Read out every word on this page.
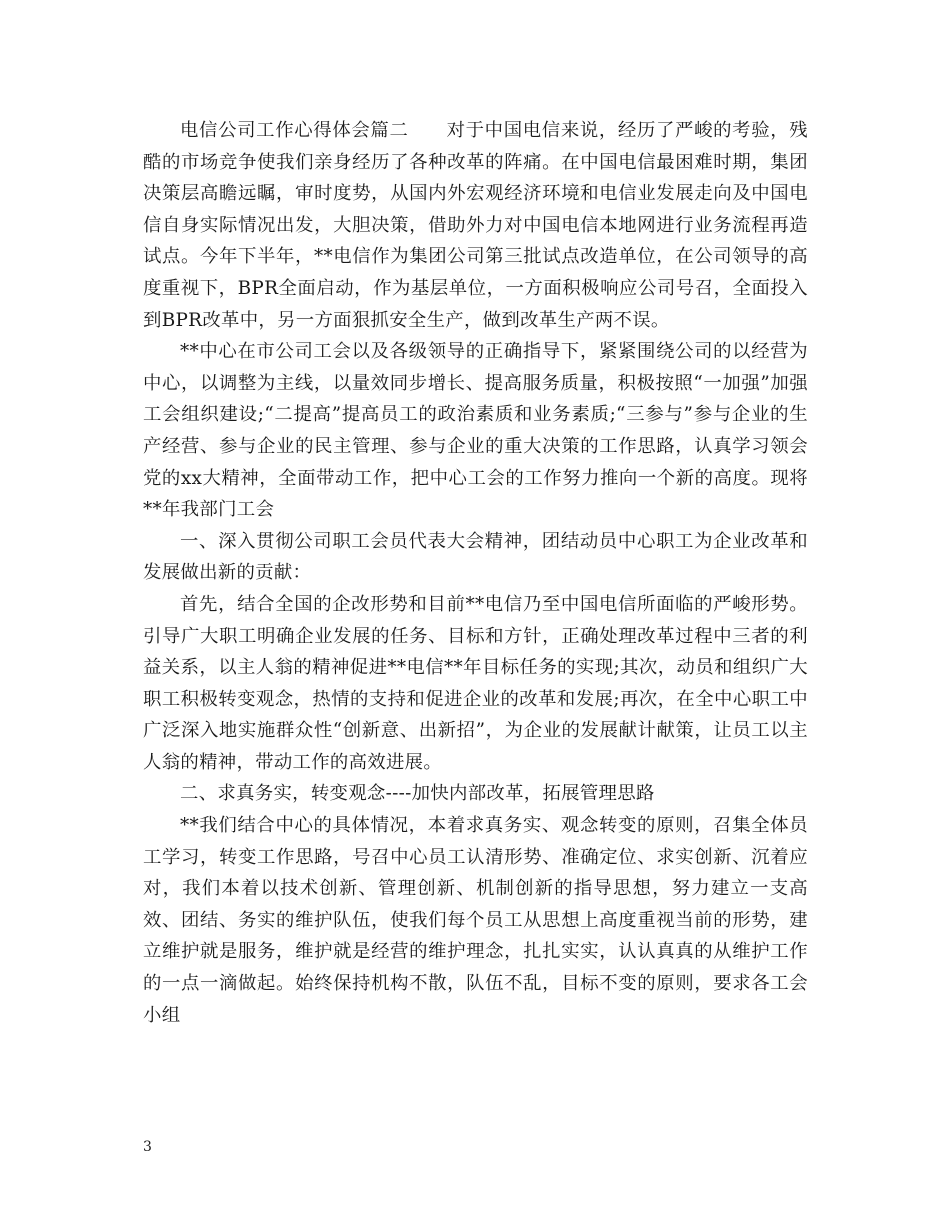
电信公司工作心得体会篇二　　对于中国电信来说，经历了严峻的考验，残酷的市场竞争使我们亲身经历了各种改革的阵痛。在中国电信最困难时期，集团决策层高瞻远瞩，审时度势，从国内外宏观经济环境和电信业发展走向及中国电信自身实际情况出发，大胆决策，借助外力对中国电信本地网进行业务流程再造试点。今年下半年，**电信作为集团公司第三批试点改造单位，在公司领导的高度重视下，BPR全面启动，作为基层单位，一方面积极响应公司号召，全面投入到BPR改革中，另一方面狠抓安全生产，做到改革生产两不误。

**中心在市公司工会以及各级领导的正确指导下，紧紧围绕公司的以经营为中心，以调整为主线，以量效同步增长、提高服务质量，积极按照“一加强”加强工会组织建设;“二提高”提高员工的政治素质和业务素质;“三参与”参与企业的生产经营、参与企业的民主管理、参与企业的重大决策的工作思路，认真学习领会党的xx大精神，全面带动工作，把中心工会的工作努力推向一个新的高度。现将**年我部门工会

一、深入贯彻公司职工会员代表大会精神，团结动员中心职工为企业改革和发展做出新的贡献：

首先，结合全国的企改形势和目前**电信乃至中国电信所面临的严峻形势。引导广大职工明确企业发展的任务、目标和方针，正确处理改革过程中三者的利益关系，以主人翁的精神促进**电信**年目标任务的实现;其次，动员和组织广大职工积极转变观念，热情的支持和促进企业的改革和发展;再次，在全中心职工中广泛深入地实施群众性“创新意、出新招”，为企业的发展献计献策，让员工以主人翁的精神，带动工作的高效进展。

二、求真务实，转变观念----加快内部改革，拓展管理思路

**我们结合中心的具体情况，本着求真务实、观念转变的原则，召集全体员工学习，转变工作思路，号召中心员工认清形势、准确定位、求实创新、沉着应对，我们本着以技术创新、管理创新、机制创新的指导思想，努力建立一支高效、团结、务实的维护队伍，使我们每个员工从思想上高度重视当前的形势，建立维护就是服务，维护就是经营的维护理念，扎扎实实，认认真真的从维护工作的一点一滴做起。始终保持机构不散，队伍不乱，目标不变的原则，要求各工会小组

3
